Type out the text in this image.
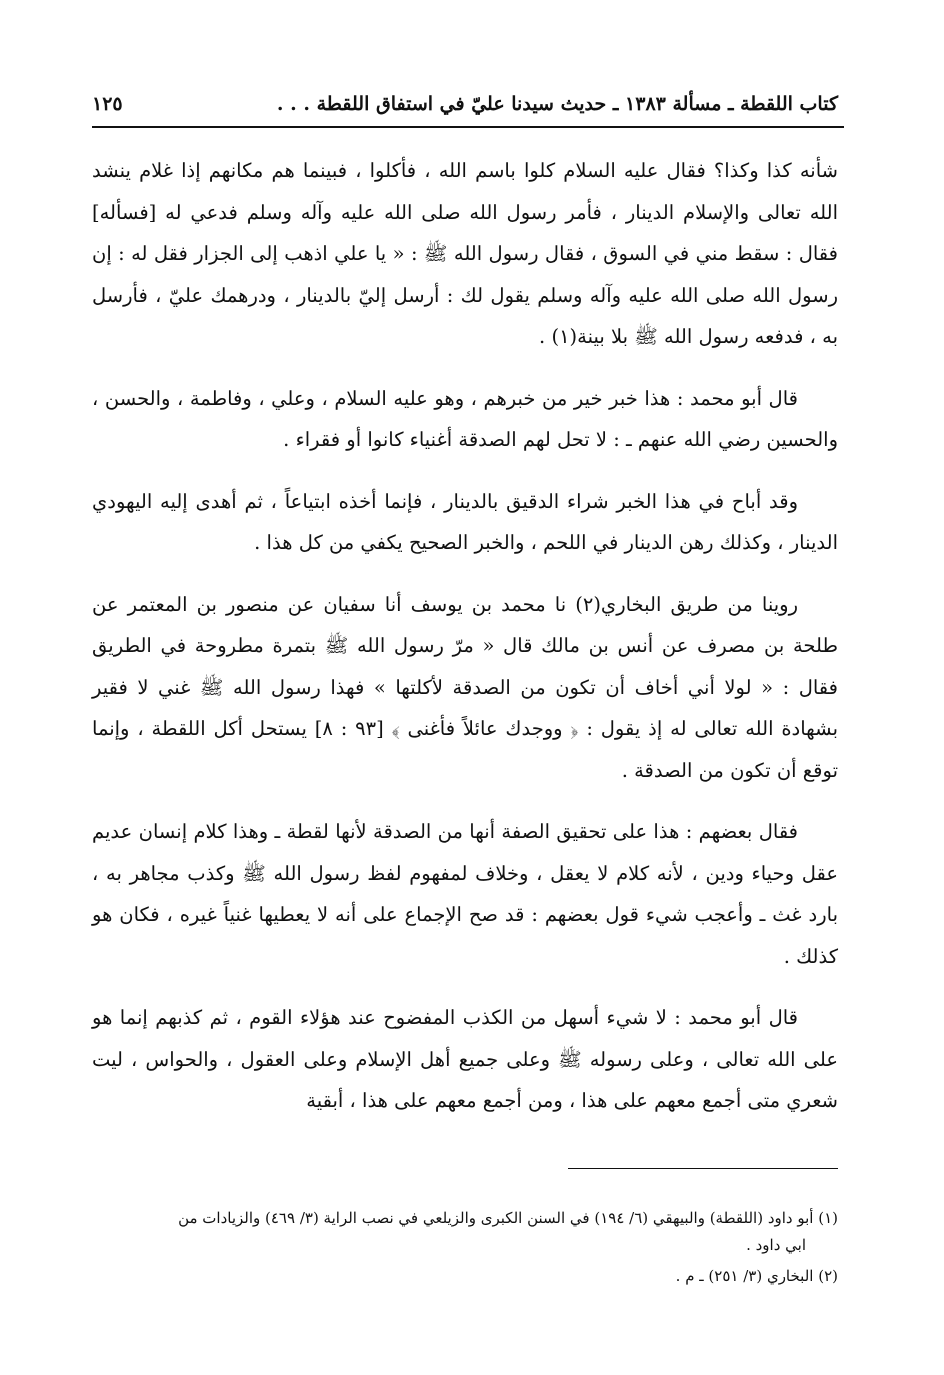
كتاب اللقطة ـ مسألة ١٣٨٣ ـ حديث سيدنا عليّ في استفاق اللقطة . . .
١٢٥

شأنه كذا وكذا؟ فقال عليه السلام كلوا باسم الله ، فأكلوا ، فبينما هم مكانهم إذا غلام ينشد الله تعالى والإسلام الدينار ، فأمر رسول الله صلى الله عليه وآله وسلم فدعي له [فسأله] فقال : سقط مني في السوق ، فقال رسول الله ﷺ : « يا علي اذهب إلى الجزار فقل له : إن رسول الله صلى الله عليه وآله وسلم يقول لك : أرسل إليّ بالدينار ، ودرهمك عليّ ، فأرسل به ، فدفعه رسول الله ﷺ بلا بينة(١) .

قال أبو محمد : هذا خبر خير من خبرهم ، وهو عليه السلام ، وعلي ، وفاطمة ، والحسن ، والحسين رضي الله عنهم ـ : لا تحل لهم الصدقة أغنياء كانوا أو فقراء .

وقد أباح في هذا الخبر شراء الدقيق بالدينار ، فإنما أخذه ابتياعاً ، ثم أهدى إليه اليهودي الدينار ، وكذلك رهن الدينار في اللحم ، والخبر الصحيح يكفي من كل هذا .

روينا من طريق البخاري(٢) نا محمد بن يوسف أنا سفيان عن منصور بن المعتمر عن طلحة بن مصرف عن أنس بن مالك قال « مرّ رسول الله ﷺ بتمرة مطروحة في الطريق فقال : « لولا أني أخاف أن تكون من الصدقة لأكلتها » فهذا رسول الله ﷺ غني لا فقير بشهادة الله تعالى له إذ يقول : ﴿ ووجدك عائلاً فأغنى ﴾ [٩٣ : ٨] يستحل أكل اللقطة ، وإنما توقع أن تكون من الصدقة .

فقال بعضهم : هذا على تحقيق الصفة أنها من الصدقة لأنها لقطة ـ وهذا كلام إنسان عديم عقل وحياء ودين ، لأنه كلام لا يعقل ، وخلاف لمفهوم لفظ رسول الله ﷺ وكذب مجاهر به ، بارد غث ـ وأعجب شيء قول بعضهم : قد صح الإجماع على أنه لا يعطيها غنياً غيره ، فكان هو كذلك .

قال أبو محمد : لا شيء أسهل من الكذب المفضوح عند هؤلاء القوم ، ثم كذبهم إنما هو على الله تعالى ، وعلى رسوله ﷺ وعلى جميع أهل الإسلام وعلى العقول ، والحواس ، ليت شعري متى أجمع معهم على هذا ، ومن أجمع معهم على هذا ، أبقية

(١) أبو داود (اللقطة) والبيهقي (٦/ ١٩٤) في السنن الكبرى والزيلعي في نصب الراية (٣/ ٤٦٩) والزيادات من
ابي داود .

(٢) البخاري (٣/ ٢٥١) ـ م .
